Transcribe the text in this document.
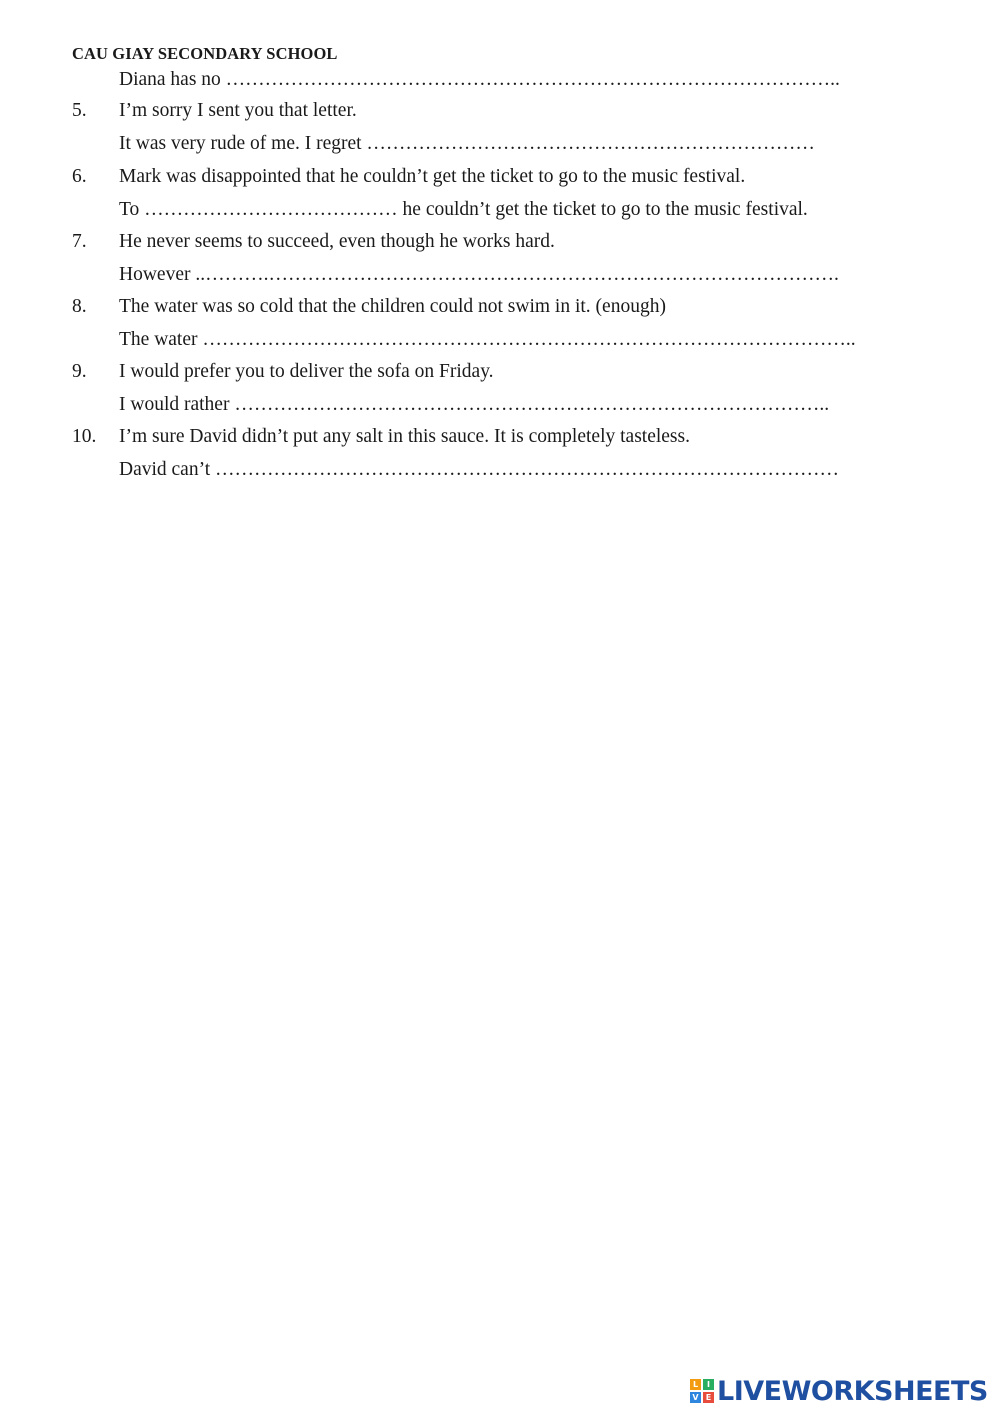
CAU GIAY SECONDARY SCHOOL
Diana has no …………………………………………………………………………………..
5. I’m sorry I sent you that letter.
It was very rude of me. I regret ……………………………………………………………
6. Mark was disappointed that he couldn’t get the ticket to go to the music festival.
To ………………………………… he couldn’t get the ticket to go to the music festival.
7. He never seems to succeed, even though he works hard.
However ..……….…………………………………………………………………………….
8. The water was so cold that the children could not swim in it. (enough)
The water ………………………………………………………………………………………..
9. I would prefer you to deliver the sofa on Friday.
I would rather ………………………………………………………………………………..
10. I’m sure David didn’t put any salt in this sauce. It is completely tasteless.
David can’t ……………………………………………………………………………………
L	I
V E LIVEWORKSHEETS
